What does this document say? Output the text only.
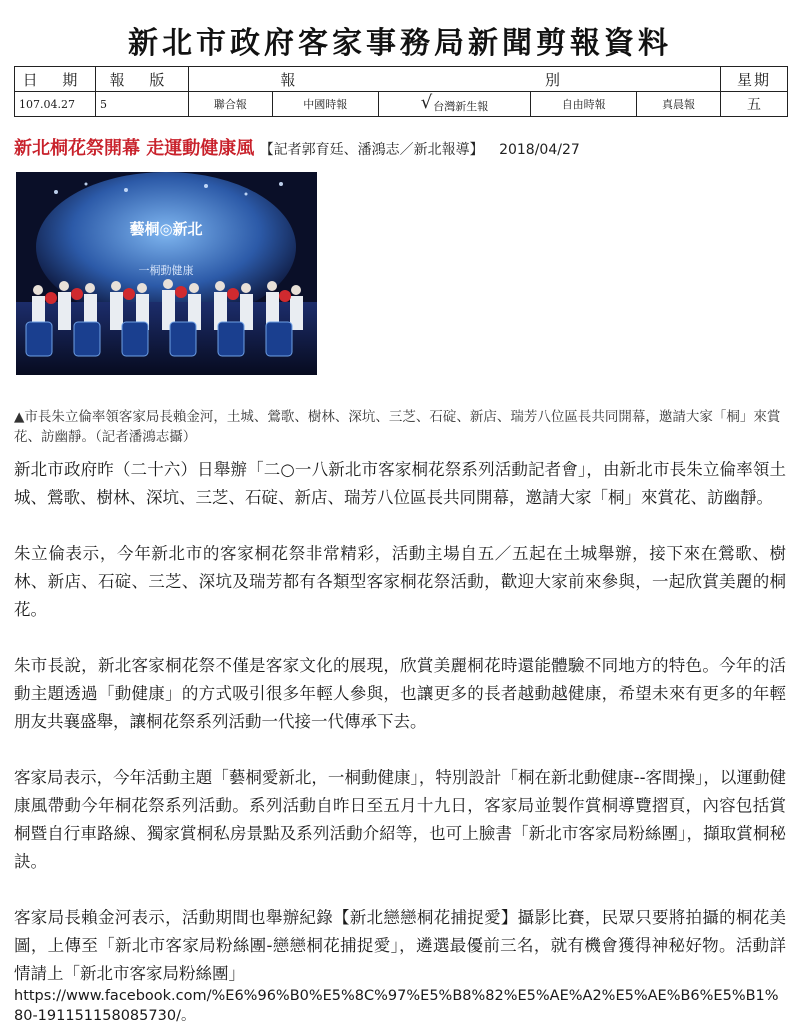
新北市政府客家事務局新聞剪報資料
日 期	報 版	報 別					星期
107.04.27	5	聯合報	中國時報	√台灣新生報	自由時報	真晨報	五
新北桐花祭開幕 走運動健康風 【記者郭育廷、潘鴻志／新北報導】 2018/04/27
藝桐◎新北
一桐動健康
▲市長朱立倫率領客家局長賴金河，土城、鶯歌、樹林、深坑、三芝、石碇、新店、瑞芳八位區長共同開幕，邀請大家「桐」來賞花、訪幽靜。（記者潘鴻志攝）

新北市政府昨（二十六）日舉辦「二○一八新北市客家桐花祭系列活動記者會」，由新北市長朱立倫率領土城、鶯歌、樹林、深坑、三芝、石碇、新店、瑞芳八位區長共同開幕，邀請大家「桐」來賞花、訪幽靜。

朱立倫表示，今年新北市的客家桐花祭非常精彩，活動主場自五／五起在土城舉辦，接下來在鶯歌、樹林、新店、石碇、三芝、深坑及瑞芳都有各類型客家桐花祭活動，歡迎大家前來參與，一起欣賞美麗的桐花。

朱市長說，新北客家桐花祭不僅是客家文化的展現，欣賞美麗桐花時還能體驗不同地方的特色。今年的活動主題透過「動健康」的方式吸引很多年輕人參與，也讓更多的長者越動越健康，希望未來有更多的年輕朋友共襄盛舉，讓桐花祭系列活動一代接一代傳承下去。

客家局表示，今年活動主題「藝桐愛新北，一桐動健康」，特別設計「桐在新北動健康--客間操」，以運動健康風帶動今年桐花祭系列活動。系列活動自昨日至五月十九日，客家局並製作賞桐導覽摺頁，內容包括賞桐暨自行車路線、獨家賞桐私房景點及系列活動介紹等，也可上臉書「新北市客家局粉絲團」，擷取賞桐秘訣。

客家局長賴金河表示，活動期間也舉辦紀錄【新北戀戀桐花捕捉愛】攝影比賽，民眾只要將拍攝的桐花美圖，上傳至「新北市客家局粉絲團-戀戀桐花捕捉愛」，遴選最優前三名，就有機會獲得神秘好物。活動詳情請上「新北市客家局粉絲團」

https://www.facebook.com/%E6%96%B0%E5%8C%97%E5%B8%82%E5%AE%A2%E5%AE%B6%E5%B1%80-191151158085730/。
